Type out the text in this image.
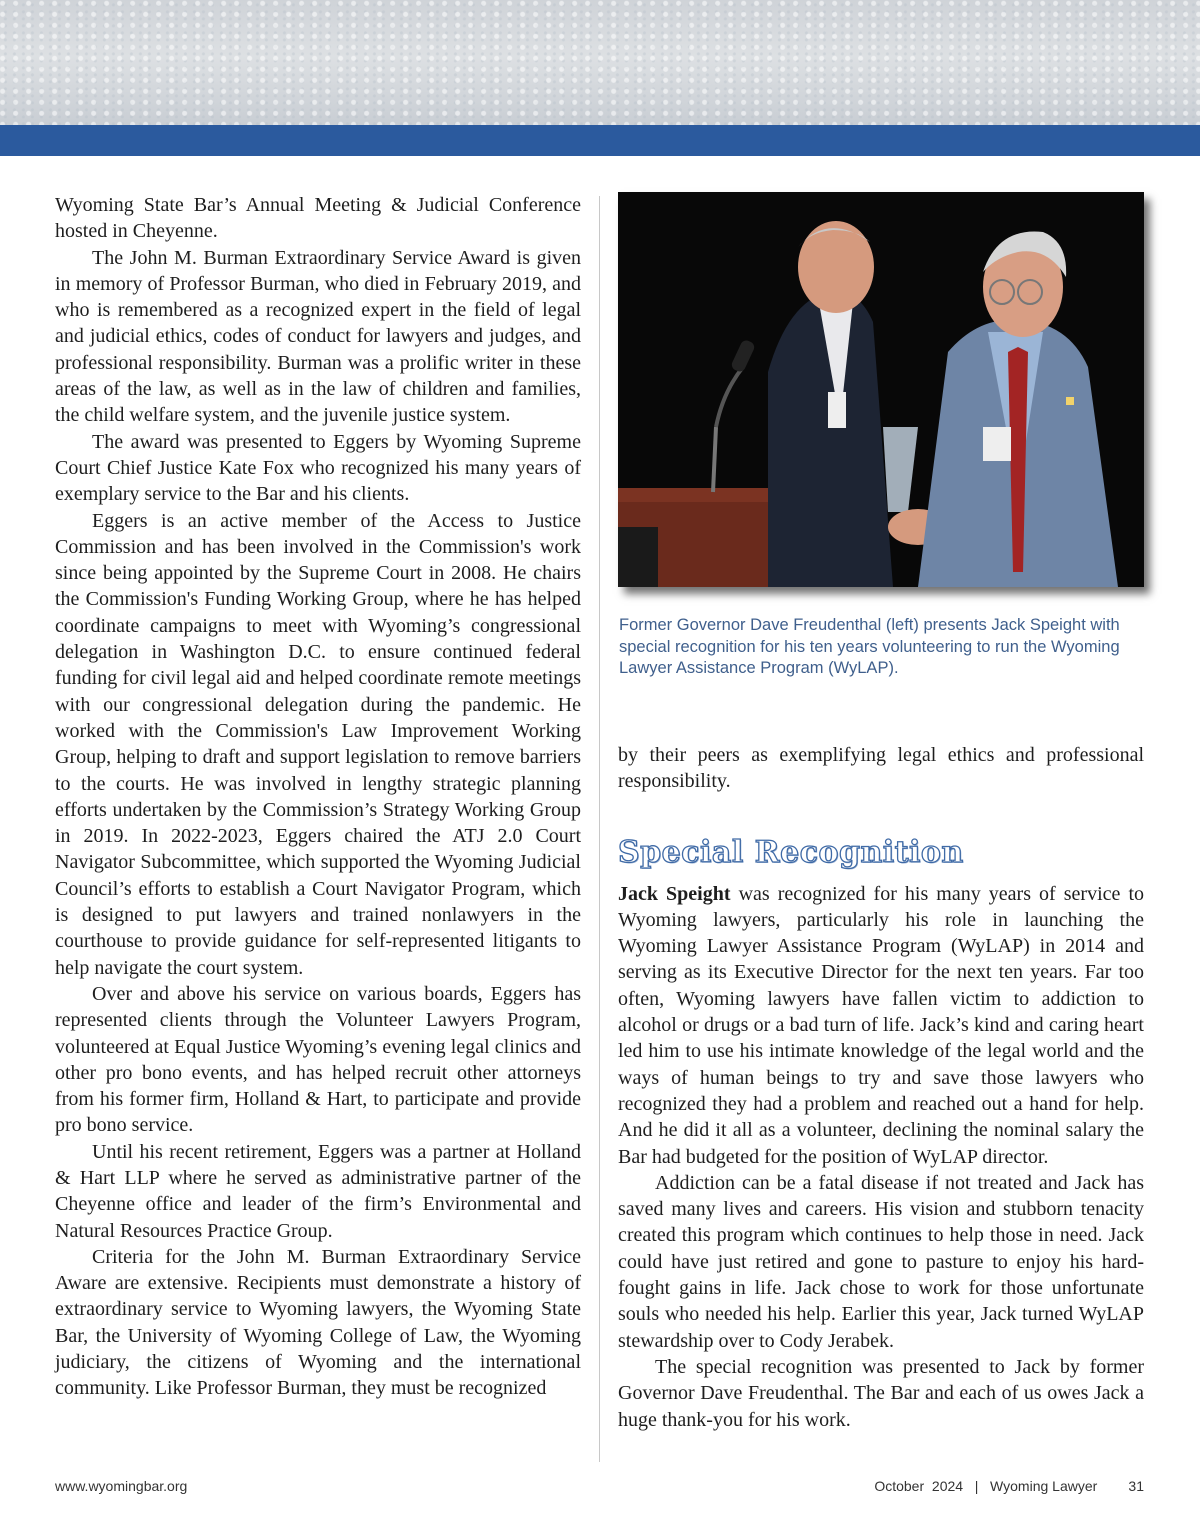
Wyoming State Bar’s Annual Meeting & Judicial Conference hosted in Cheyenne.

The John M. Burman Extraordinary Service Award is given in memory of Professor Burman, who died in February 2019, and who is remembered as a recognized expert in the field of legal and judicial ethics, codes of conduct for lawyers and judges, and professional responsibility. Burman was a prolific writer in these areas of the law, as well as in the law of children and families, the child welfare system, and the juvenile justice system.

The award was presented to Eggers by Wyoming Supreme Court Chief Justice Kate Fox who recognized his many years of exemplary service to the Bar and his clients.

Eggers is an active member of the Access to Justice Commission and has been involved in the Commission's work since being appointed by the Supreme Court in 2008. He chairs the Commission's Funding Working Group, where he has helped coordinate campaigns to meet with Wyoming’s congressional delegation in Washington D.C. to ensure continued federal funding for civil legal aid and helped coordinate remote meetings with our congressional delegation during the pandemic. He worked with the Commission's Law Improvement Working Group, helping to draft and support legislation to remove barriers to the courts. He was involved in lengthy strategic planning efforts undertaken by the Commission’s Strategy Working Group in 2019. In 2022-2023, Eggers chaired the ATJ 2.0 Court Navigator Subcommittee, which supported the Wyoming Judicial Council’s efforts to establish a Court Navigator Program, which is designed to put lawyers and trained nonlawyers in the courthouse to provide guidance for self-represented litigants to help navigate the court system.

Over and above his service on various boards, Eggers has represented clients through the Volunteer Lawyers Program, volunteered at Equal Justice Wyoming’s evening legal clinics and other pro bono events, and has helped recruit other attorneys from his former firm, Holland & Hart, to participate and provide pro bono service.

Until his recent retirement, Eggers was a partner at Holland & Hart LLP where he served as administrative partner of the Cheyenne office and leader of the firm’s Environmental and Natural Resources Practice Group.

Criteria for the John M. Burman Extraordinary Service Aware are extensive. Recipients must demonstrate a history of extraordinary service to Wyoming lawyers, the Wyoming State Bar, the University of Wyoming College of Law, the Wyoming judiciary, the citizens of Wyoming and the international community. Like Professor Burman, they must be recognized

Former Governor Dave Freudenthal (left) presents Jack Speight with special recognition for his ten years volunteering to run the Wyoming Lawyer Assistance Program (WyLAP).

by their peers as exemplifying legal ethics and professional responsibility.

Special Recognition

Jack Speight was recognized for his many years of service to Wyoming lawyers, particularly his role in launching the Wyoming Lawyer Assistance Program (WyLAP) in 2014 and serving as its Executive Director for the next ten years. Far too often, Wyoming lawyers have fallen victim to addiction to alcohol or drugs or a bad turn of life. Jack’s kind and caring heart led him to use his intimate knowledge of the legal world and the ways of human beings to try and save those lawyers who recognized they had a problem and reached out a hand for help. And he did it all as a volunteer, declining the nominal salary the Bar had budgeted for the position of WyLAP director.

Addiction can be a fatal disease if not treated and Jack has saved many lives and careers. His vision and stubborn tenacity created this program which continues to help those in need. Jack could have just retired and gone to pasture to enjoy his hard-fought gains in life. Jack chose to work for those unfortunate souls who needed his help. Earlier this year, Jack turned WyLAP stewardship over to Cody Jerabek.

The special recognition was presented to Jack by former Governor Dave Freudenthal. The Bar and each of us owes Jack a huge thank-you for his work.

www.wyomingbar.org	October  2024
|
Wyoming Lawyer
31
